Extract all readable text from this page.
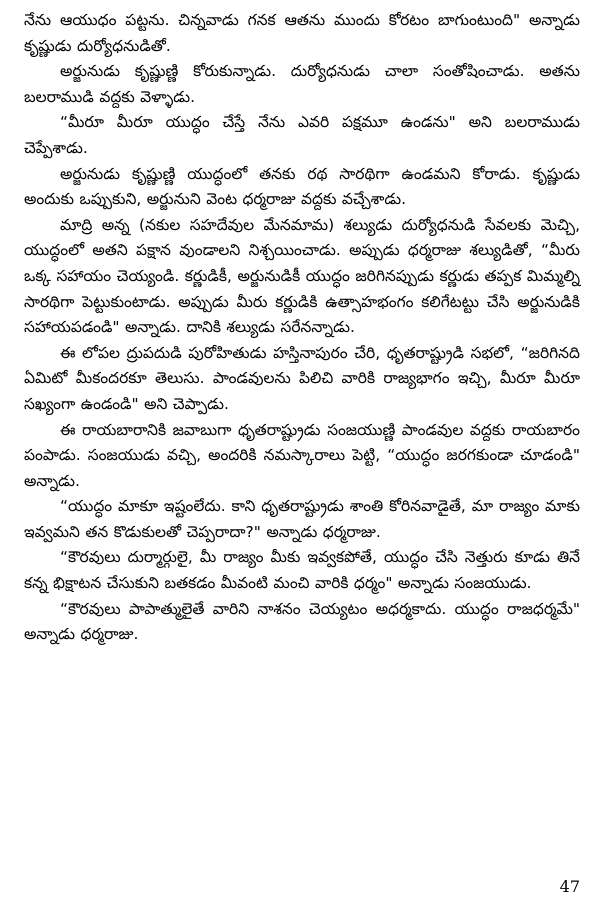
నేను ఆయుధం పట్టను. చిన్నవాడు గనక ఆతను ముందు కోరటం బాగుంటుంది" అన్నాడు కృష్ణుడు దుర్యోధనుడితో.

అర్జునుడు కృష్ణుణ్ణి కోరుకున్నాడు. దుర్యోధనుడు చాలా సంతోషించాడు. అతను బలరాముడి వద్దకు వెళ్ళాడు.

“మీరూ మీరూ యుద్ధం చేస్తే నేను ఎవరి పక్షమూ ఉండను" అని బలరాముడు చెప్పేశాడు.

అర్జునుడు కృష్ణుణ్ణి యుద్ధంలో తనకు రథ సారథిగా ఉండమని కోరాడు. కృష్ణుడు అందుకు ఒప్పుకుని, అర్జునుని వెంట ధర్మరాజు వద్దకు వచ్చేశాడు.

మాద్రి అన్న (నకుల సహదేవుల మేనమామ) శల్యుడు దుర్యోధనుడి సేవలకు మెచ్చి, యుద్ధంలో అతని పక్షాన వుండాలని నిశ్చయించాడు. అప్పుడు ధర్మరాజు శల్యుడితో, “మీరు ఒక్క సహాయం చెయ్యండి. కర్ణుడికీ, అర్జునుడికీ యుద్ధం జరిగినప్పుడు కర్ణుడు తప్పక మిమ్మల్ని సారథిగా పెట్టుకుంటాడు. అప్పుడు మీరు కర్ణుడికి ఉత్సాహభంగం కలిగేటట్టు చేసి అర్జునుడికి సహాయపడండి" అన్నాడు. దానికి శల్యుడు సరేనన్నాడు.

ఈ లోపల ద్రుపదుడి పురోహితుడు హస్తినాపురం చేరి, ధృతరాష్ట్రుడి సభలో, “జరిగినది ఏమిటో మీకందరకూ తెలుసు. పాండవులను పిలిచి వారికి రాజ్యభాగం ఇచ్చి, మీరూ మీరూ సఖ్యంగా ఉండండి" అని చెప్పాడు.

ఈ రాయబారానికి జవాబుగా ధృతరాష్ట్రుడు సంజయుణ్ణి పాండవుల వద్దకు రాయబారం పంపాడు. సంజయుడు వచ్చి, అందరికి నమస్కారాలు పెట్టి, “యుద్ధం జరగకుండా చూడండి" అన్నాడు.

“యుద్ధం మాకూ ఇష్టంలేదు. కాని ధృతరాష్ట్రుడు శాంతి కోరినవాడైతే, మా రాజ్యం మాకు ఇవ్వమని తన కొడుకులతో చెప్పరాదా?" అన్నాడు ధర్మరాజు.

“కౌరవులు దుర్మార్గులై, మీ రాజ్యం మీకు ఇవ్వకపోతే, యుద్ధం చేసి నెత్తురు కూడు తినే కన్న భిక్షాటన చేసుకుని బతకడం మీవంటి మంచి వారికి ధర్మం" అన్నాడు సంజయుడు.

“కౌరవులు పాపాత్ములైతే వారిని నాశనం చెయ్యటం అధర్మకాదు. యుద్ధం రాజధర్మమే" అన్నాడు ధర్మరాజు.

47
